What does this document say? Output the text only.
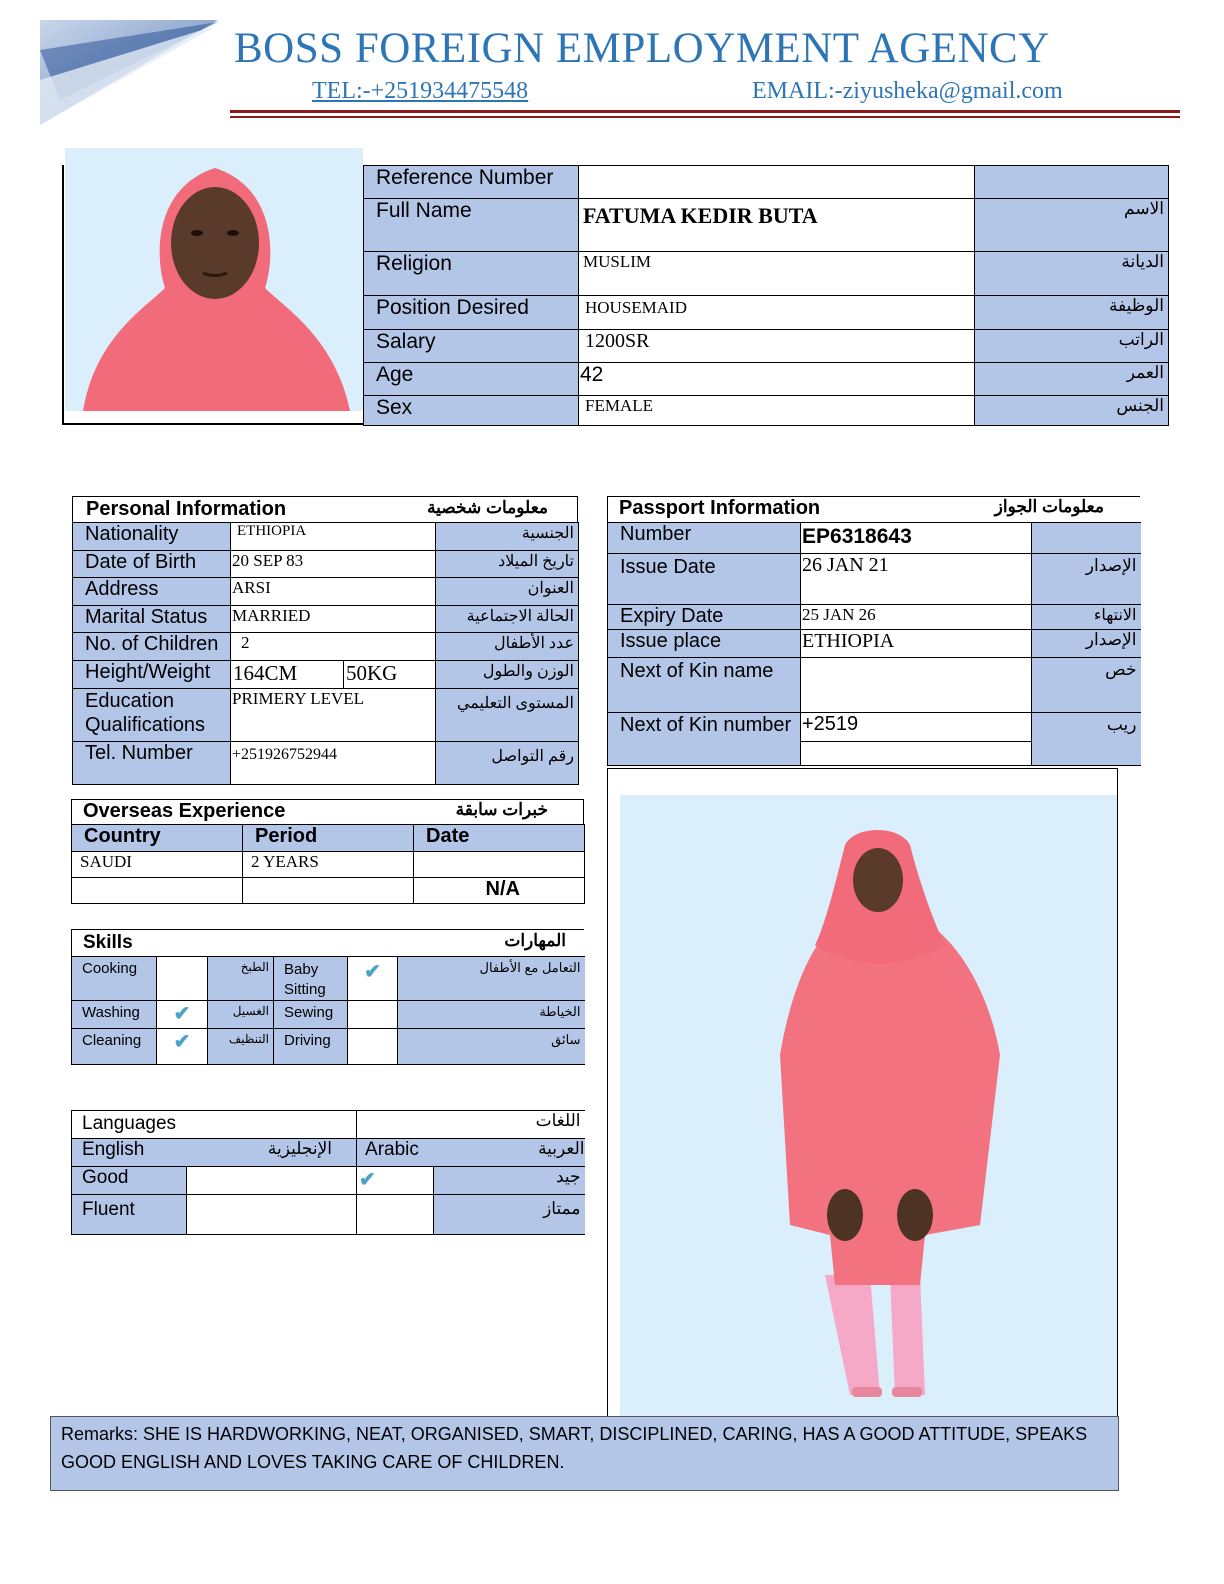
BOSS FOREIGN EMPLOYMENT AGENCY
TEL:-+251934475548	EMAIL:-ziyusheka@gmail.com
Reference Number		
Full Name	FATUMA KEDIR BUTA	الاسم
Religion	MUSLIM	الديانة
Position Desired	HOUSEMAID	الوظيفة
Salary	1200SR	الراتب
Age	42	العمر
Sex	FEMALE	الجنس
Personal Information	معلومات شخصية
Nationality	ETHIOPIA	الجنسية
Date of Birth	20 SEP 83	تاريخ الميلاد
Address	ARSI	العنوان
Marital Status	MARRIED	الحالة الاجتماعية
No. of Children	2	عدد الأطفال
Height/Weight	164CM 50KG	الوزن والطول
Education Qualifications	PRIMERY LEVEL	المستوى التعليمي
Tel. Number	+251926752944	رقم التواصل
Passport Information	معلومات الجواز
Number	EP6318643	
Issue Date	26 JAN 21	الإصدار
Expiry Date	25 JAN 26	الانتهاء
Issue place	ETHIOPIA	الإصدار
Next of Kin name		خص
Next of Kin number	+2519	ريب
Overseas Experience	خبرات سابقة
Country	Period	Date
SAUDI	2 YEARS	
		N/A
Skills	المهارات
Cooking		الطبخ	Baby Sitting	✔	التعامل مع الأطفال
Washing	✔	الغسيل	Sewing		الخياطة
Cleaning	✔	التنظيف	Driving		سائق
Languages		اللغات	

English الإنجليزية		Arabic العربية	

Good		✔	جيد
Fluent			ممتاز
Remarks: SHE IS HARDWORKING, NEAT, ORGANISED, SMART, DISCIPLINED, CARING, HAS A GOOD ATTITUDE, SPEAKS GOOD ENGLISH AND LOVES TAKING CARE OF CHILDREN.
